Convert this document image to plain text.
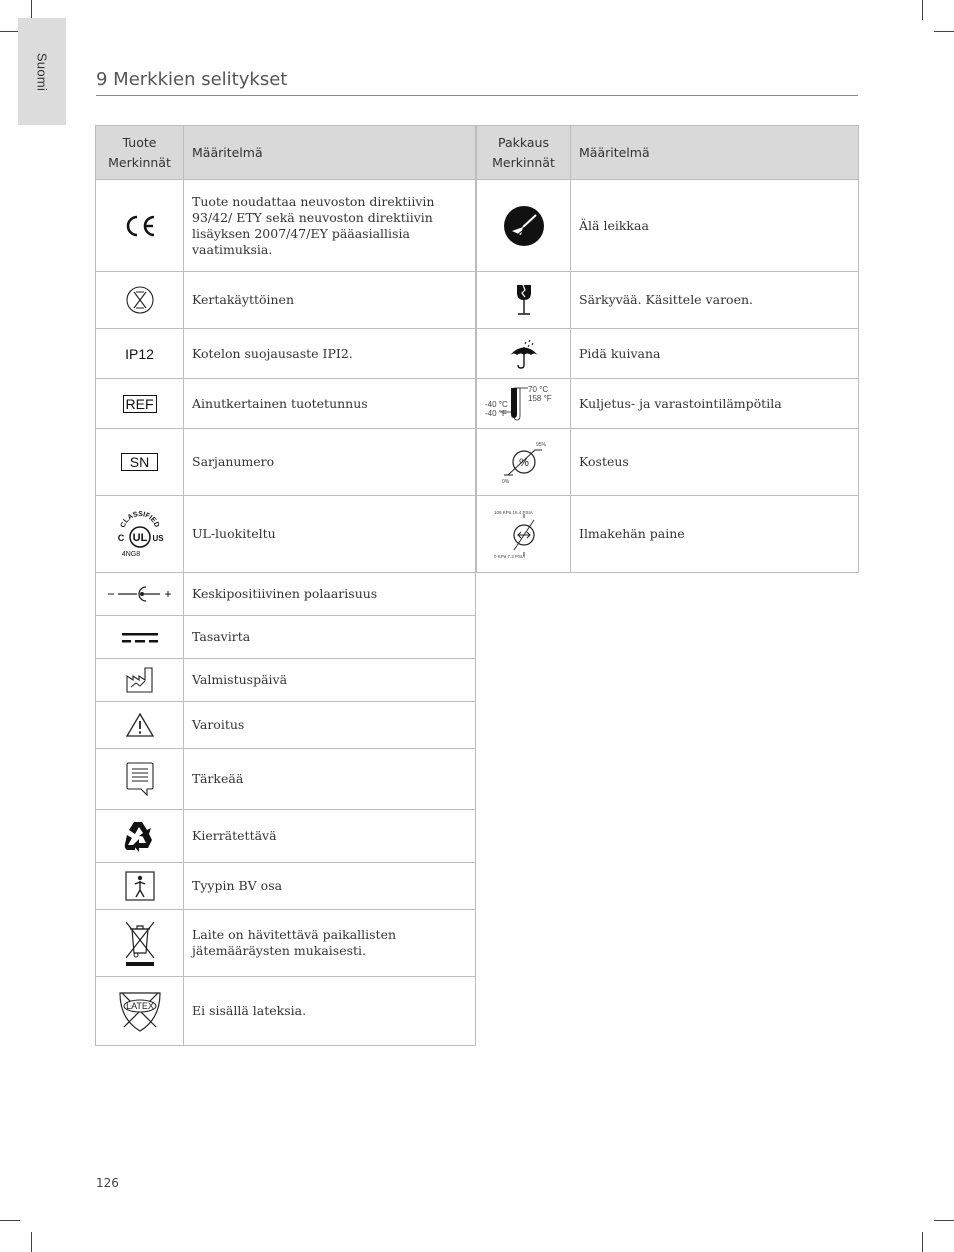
Suomi	9 Merkkien selitykset
Tuote
Merkinnät	Määritelmä
	Tuote noudattaa neuvoston direktiivin 93/42/ ETY sekä neuvoston direktiivin lisäyksen 2007/47/EY pääasiallisia vaatimuksia.
	Kertakäyttöinen
IP12	Kotelon suojausaste IPI2.
REF	Ainutkertainen tuotetunnus
SN	Sarjanumero

CLASSIFIED
UL
C US
4NG8	UL-luokiteltu
	Keskipositiivinen polaarisuus
	Tasavirta
	Valmistuspäivä
	Varoitus
	Tärkeää
	Kierrätettävä
	Tyypin BV osa
	Laite on hävitettävä paikallisten jätemääräysten mukaisesti.

LATEX	Ei sisällä lateksia.
Pakkaus
Merkinnät	Määritelmä
	Älä leikkaa
	Särkyvää. Käsittele varoen.
	Pidä kuivana

70 °C
158 °F
-40 °C
-40 °F	Kuljetus- ja varastointilämpötila

%
95%
0%	Kosteus

106 KPa 15.4 PSIA
0 KPa 7.3 PSIA	Ilmakehän paine
126
